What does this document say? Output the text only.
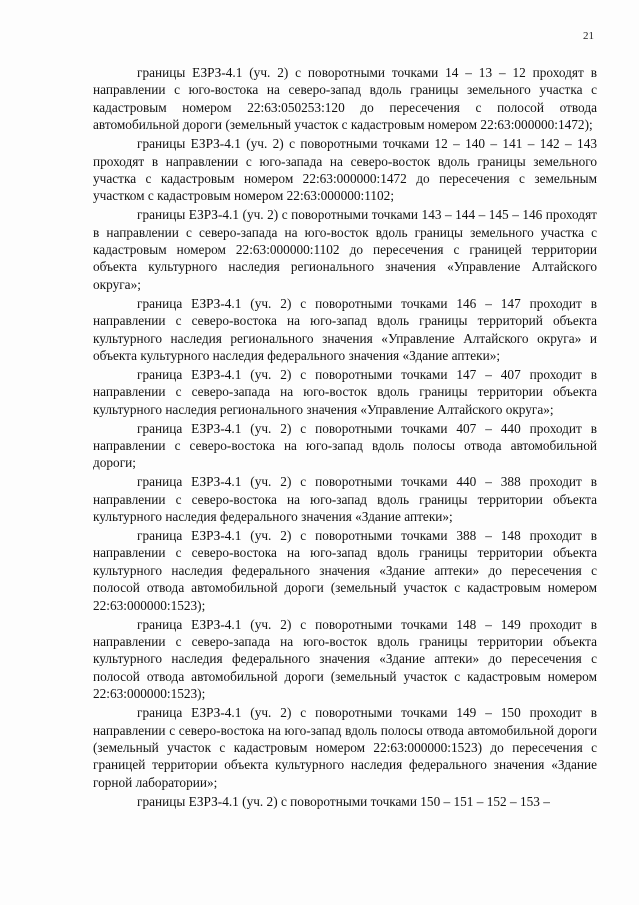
21

границы ЕЗРЗ-4.1 (уч. 2) с поворотными точками 14 – 13 – 12 проходят в направлении с юго-востока на северо-запад вдоль границы земельного участка с кадастровым номером 22:63:050253:120 до пересечения с полосой отвода автомобильной дороги (земельный участок с кадастровым номером 22:63:000000:1472);

границы ЕЗРЗ-4.1 (уч. 2) с поворотными точками 12 – 140 – 141 – 142 – 143 проходят в направлении с юго-запада на северо-восток вдоль границы земельного участка с кадастровым номером 22:63:000000:1472 до пересечения с земельным участком с кадастровым номером 22:63:000000:1102;

границы ЕЗРЗ-4.1 (уч. 2) с поворотными точками 143 – 144 – 145 – 146 проходят в направлении с северо-запада на юго-восток вдоль границы земельного участка с кадастровым номером 22:63:000000:1102 до пересечения с границей территории объекта культурного наследия регионального значения «Управление Алтайского округа»;

граница ЕЗРЗ-4.1 (уч. 2) с поворотными точками 146 – 147 проходит в направлении с северо-востока на юго-запад вдоль границы территорий объекта культурного наследия регионального значения «Управление Алтайского округа» и объекта культурного наследия федерального значения «Здание аптеки»;

граница ЕЗРЗ-4.1 (уч. 2) с поворотными точками 147 – 407 проходит в направлении с северо-запада на юго-восток вдоль границы территории объекта культурного наследия регионального значения «Управление Алтайского округа»;

граница ЕЗРЗ-4.1 (уч. 2) с поворотными точками 407 – 440 проходит в направлении с северо-востока на юго-запад вдоль полосы отвода автомобильной дороги;

граница ЕЗРЗ-4.1 (уч. 2) с поворотными точками 440 – 388 проходит в направлении с северо-востока на юго-запад вдоль границы территории объекта культурного наследия федерального значения «Здание аптеки»;

граница ЕЗРЗ-4.1 (уч. 2) с поворотными точками 388 – 148 проходит в направлении с северо-востока на юго-запад вдоль границы территории объекта культурного наследия федерального значения «Здание аптеки» до пересечения с полосой отвода автомобильной дороги (земельный участок с кадастровым номером 22:63:000000:1523);

граница ЕЗРЗ-4.1 (уч. 2) с поворотными точками 148 – 149 проходит в направлении с северо-запада на юго-восток вдоль границы территории объекта культурного наследия федерального значения «Здание аптеки» до пересечения с полосой отвода автомобильной дороги (земельный участок с кадастровым номером 22:63:000000:1523);

граница ЕЗРЗ-4.1 (уч. 2) с поворотными точками 149 – 150 проходит в направлении с северо-востока на юго-запад вдоль полосы отвода автомобильной дороги (земельный участок с кадастровым номером 22:63:000000:1523) до пересечения с границей территории объекта культурного наследия федерального значения «Здание горной лаборатории»;

границы ЕЗРЗ-4.1 (уч. 2) с поворотными точками 150 – 151 – 152 – 153 –
